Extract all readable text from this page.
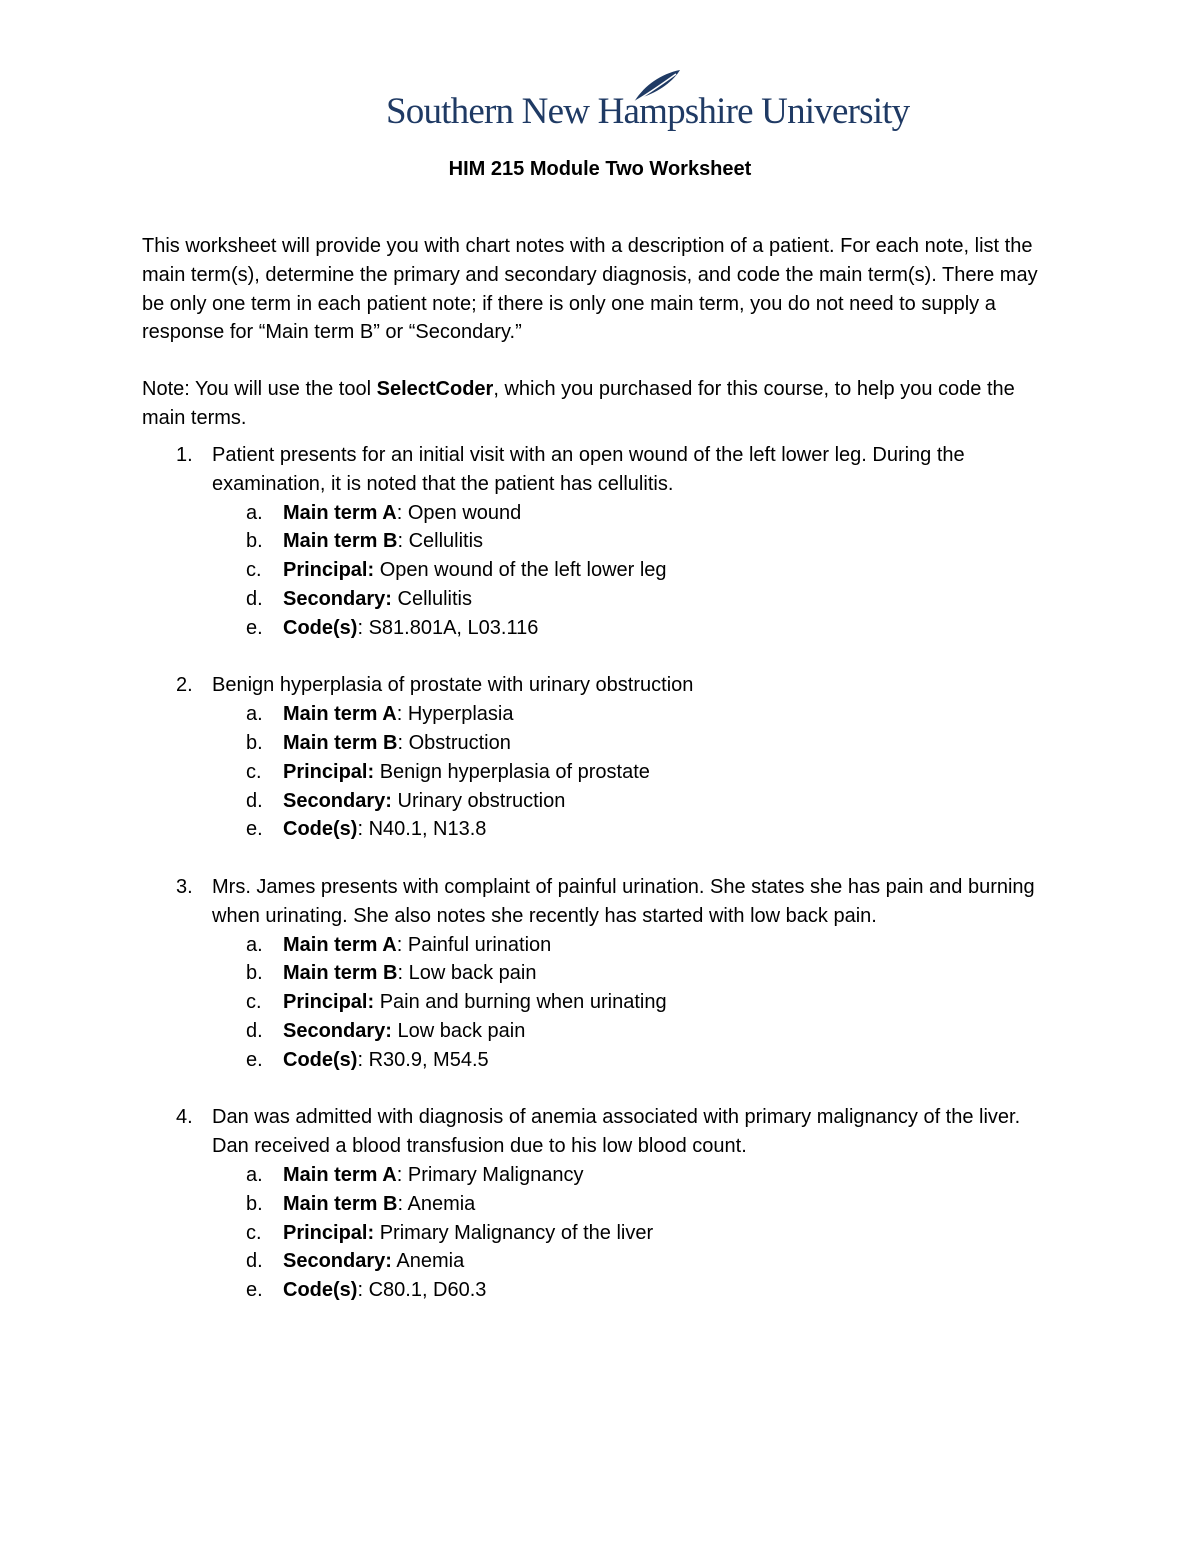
Southern New Hampshire University
HIM 215 Module Two Worksheet

This worksheet will provide you with chart notes with a description of a patient. For each note, list the main term(s), determine the primary and secondary diagnosis, and code the main term(s). There may be only one term in each patient note; if there is only one main term, you do not need to supply a response for “Main term B” or “Secondary.”

Note: You will use the tool SelectCoder, which you purchased for this course, to help you code the main terms.

1. Patient presents for an initial visit with an open wound of the left lower leg. During the examination, it is noted that the patient has cellulitis.
a. Main term A: Open wound
b. Main term B: Cellulitis
c. Principal: Open wound of the left lower leg
d. Secondary: Cellulitis
e. Code(s): S81.801A, L03.116
2. Benign hyperplasia of prostate with urinary obstruction
a. Main term A: Hyperplasia
b. Main term B: Obstruction
c. Principal: Benign hyperplasia of prostate
d. Secondary: Urinary obstruction
e. Code(s): N40.1, N13.8
3. Mrs. James presents with complaint of painful urination. She states she has pain and burning when urinating. She also notes she recently has started with low back pain.
a. Main term A: Painful urination
b. Main term B: Low back pain
c. Principal: Pain and burning when urinating
d. Secondary: Low back pain
e. Code(s): R30.9, M54.5
4. Dan was admitted with diagnosis of anemia associated with primary malignancy of the liver. Dan received a blood transfusion due to his low blood count.
a. Main term A: Primary Malignancy
b. Main term B: Anemia
c. Principal: Primary Malignancy of the liver
d. Secondary: Anemia
e. Code(s): C80.1, D60.3
